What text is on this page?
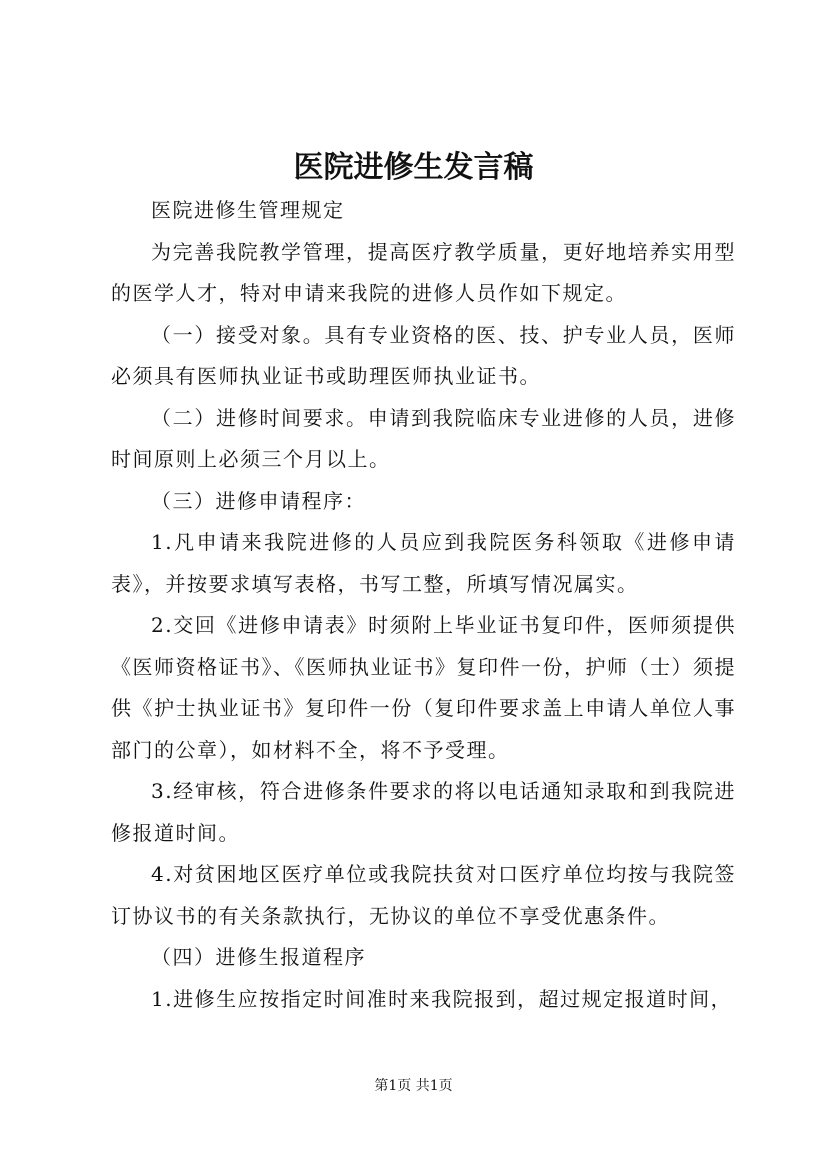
医院进修生发言稿

医院进修生管理规定

为完善我院教学管理，提高医疗教学质量，更好地培养实用型的医学人才，特对申请来我院的进修人员作如下规定。

（一）接受对象。具有专业资格的医、技、护专业人员，医师必须具有医师执业证书或助理医师执业证书。

（二）进修时间要求。申请到我院临床专业进修的人员，进修时间原则上必须三个月以上。

（三）进修申请程序：

1.凡申请来我院进修的人员应到我院医务科领取《进修申请表》，并按要求填写表格，书写工整，所填写情况属实。

2.交回《进修申请表》时须附上毕业证书复印件，医师须提供《医师资格证书》、《医师执业证书》复印件一份，护师（士）须提供《护士执业证书》复印件一份（复印件要求盖上申请人单位人事部门的公章），如材料不全，将不予受理。

3.经审核，符合进修条件要求的将以电话通知录取和到我院进修报道时间。

4.对贫困地区医疗单位或我院扶贫对口医疗单位均按与我院签订协议书的有关条款执行，无协议的单位不享受优惠条件。

（四）进修生报道程序

1.进修生应按指定时间准时来我院报到，超过规定报道时间，

第1页 共1页
